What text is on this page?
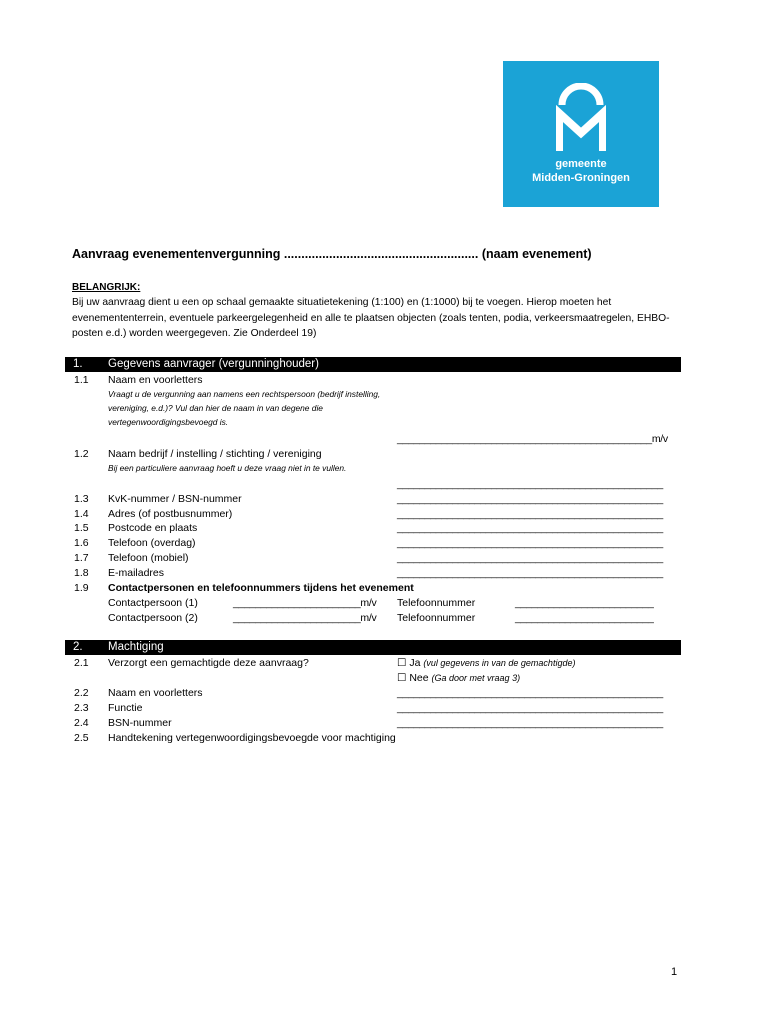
gemeente
Midden-Groningen
Aanvraag evenementenvergunning ........................................................ (naam evenement)
BELANGRIJK:
Bij uw aanvraag dient u een op schaal gemaakte situatietekening (1:100) en (1:1000) bij te voegen. Hierop moeten het evenemententerrein, eventuele parkeergelegenheid en alle te plaatsen objecten (zoals tenten, podia, verkeersmaatregelen, EHBO-posten e.d.) worden weergegeven. Zie Onderdeel 19)
1. Gegevens aanvrager (vergunninghouder)
1.1 Naam en voorletters
Vraagt u de vergunning aan namens een rechtspersoon (bedrijf instelling, vereniging, e.d.)? Vul dan hier de naam in van degene die vertegenwoordigingsbevoegd is.
______________________________________________m/v
1.2 Naam bedrijf / instelling / stichting / vereniging
Bij een particuliere aanvraag hoeft u deze vraag niet in te vullen.
________________________________________________
1.3 KvK-nummer / BSN-nummer	________________________________________________
1.4 Adres (of postbusnummer)	________________________________________________
1.5 Postcode en plaats	________________________________________________
1.6 Telefoon (overdag)	________________________________________________
1.7 Telefoon (mobiel)	________________________________________________
1.8 E-mailadres	________________________________________________
1.9 Contactpersonen en telefoonnummers tijdens het evenement
Contactpersoon (1)	_______________________m/v Telefoonnummer	_________________________
Contactpersoon (2)	_______________________m/v Telefoonnummer	_________________________
2. Machtiging
2.1 Verzorgt een gemachtigde deze aanvraag?	☐ Ja (vul gegevens in van de gemachtigde)
☐ Nee (Ga door met vraag 3)
2.2 Naam en voorletters	________________________________________________
2.3 Functie	________________________________________________
2.4 BSN-nummer	________________________________________________
2.5 Handtekening vertegenwoordigingsbevoegde voor machtiging
1
